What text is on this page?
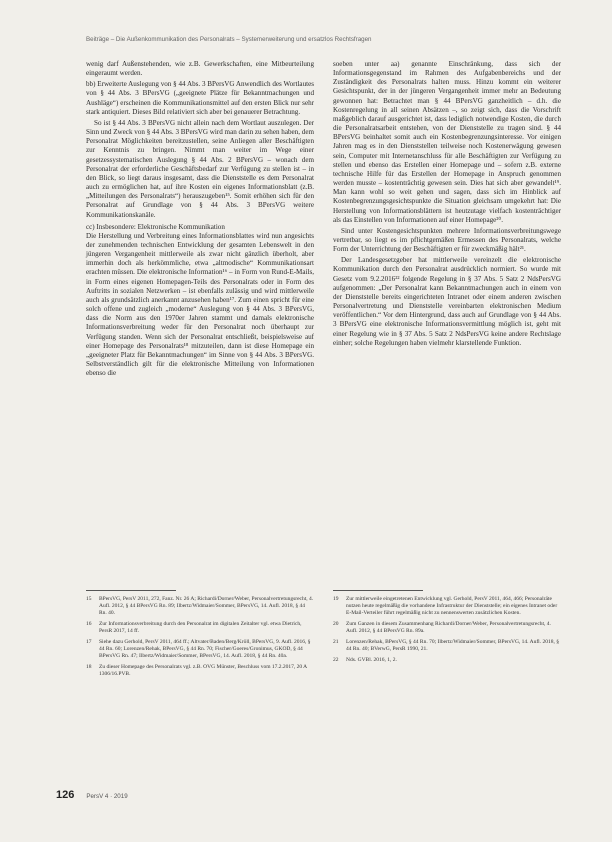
Beiträge – Die Außenkommunikation des Personalrats – Systemerweiterung und ersatzlos Rechtsfragen

wenig darf Außenstehenden, wie z.B. Gewerkschaften, eine Mitbeurteilung eingeraumt werden.

bb) Erweiterte Auslegung von § 44 Abs. 3 BPersVG Anwendlich des Wortlautes von § 44 Abs. 3 BPersVG („geeignete Plätze für Bekanntmachungen und Aushläge“) erscheinen die Kommunikationsmittel auf den ersten Blick nur sehr stark antiquiert. Dieses Bild relativiert sich aber bei genauerer Betrachtung.

So ist § 44 Abs. 3 BPersVG nicht allein nach dem Wortlaut auszulegen. Der Sinn und Zweck von § 44 Abs. 3 BPersVG wird man darin zu sehen haben, dem Personalrat Möglichkeiten bereitzustellen, seine Anliegen aller Beschäftigten zur Kenntnis zu bringen. Nimmt man weiter im Wege einer gesetzessystematischen Auslegung § 44 Abs. 2 BPersVG – wonach dem Personalrat der erforderliche Geschäftsbedarf zur Verfügung zu stellen ist – in den Blick, so liegt daraus insgesamt, dass die Dienststelle es dem Personalrat auch zu ermöglichen hat, auf ihre Kosten ein eigenes Informationsblatt (z.B. „Mitteilungen des Personalrats“) herauszugeben¹⁵. Somit erhöhen sich für den Personalrat auf Grundlage von § 44 Abs. 3 BPersVG weitere Kommunikationskanäle.

cc) Insbesondere: Elektronische Kommunikation

Die Herstellung und Verbreitung eines Informationsblattes wird nun angesichts der zunehmenden technischen Entwicklung der gesamten Lebenswelt in den jüngeren Vergangenheit mittlerweile als zwar nicht gänzlich überholt, aber immerhin doch als herkömmliche, etwa „altmodische“ Kommunikationsart erachten müssen. Die elektronische Information¹⁶ – in Form von Rund-E-Mails, in Form eines eigenen Homepagen-Teils des Personalrats oder in Form des Auftritts in sozialen Netzwerken – ist ebenfalls zulässig und wird mittlerweile auch als grundsätzlich anerkannt anzusehen haben¹⁷. Zum einen spricht für eine solch offene und zugleich „moderne“ Auslegung von § 44 Abs. 3 BPersVG, dass die Norm aus den 1970er Jahren stammt und damals elektronische Informationsverbreitung weder für den Personalrat noch überhaupt zur Verfügung standen. Wenn sich der Personalrat entschließt, beispielsweise auf einer Homepage des Personalrats¹⁸ mitzuteilen, dann ist diese Homepage ein „geeigneter Platz für Bekanntmachungen“ im Sinne von § 44 Abs. 3 BPersVG. Selbstverständlich gilt für die elektronische Mitteilung von Informationen ebenso die

soeben unter aa) genannte Einschränkung, dass sich der Informationsgegenstand im Rahmen des Aufgabenbereichs und der Zuständigkeit des Personalrats halten muss. Hinzu kommt ein weiterer Gesichtspunkt, der in der jüngeren Vergangenheit immer mehr an Bedeutung gewonnen hat: Betrachtet man § 44 BPersVG ganzheitlich – d.h. die Kostenregelung in all seinen Absätzen –, so zeigt sich, dass die Vorschrift maßgeblich darauf ausgerichtet ist, dass lediglich notwendige Kosten, die durch die Personalratsarbeit entstehen, von der Dienststelle zu tragen sind. § 44 BPersVG beinhaltet somit auch ein Kostenbegrenzungsinteresse. Vor einigen Jahren mag es in den Dienststellen teilweise noch Kostenerwägung gewesen sein, Computer mit Internetanschluss für alle Beschäftigten zur Verfügung zu stellen und ebenso das Erstellen einer Homepage und – sofern z.B. externe technische Hilfe für das Erstellen der Homepage in Anspruch genommen werden musste – kostenträchtig gewesen sein. Dies hat sich aber gewandelt¹⁹. Man kann wohl so weit gehen und sagen, dass sich im Hinblick auf Kostenbegrenzungsgesichtspunkte die Situation gleichsam umgekehrt hat: Die Herstellung von Informationsblättern ist heutzutage vielfach kostenträchtiger als das Einstellen von Informationen auf einer Homepage²⁰.

Sind unter Kostengesichtspunkten mehrere Informationsverbreitungswege vertretbar, so liegt es im pflichtgemäßen Ermessen des Personalrats, welche Form der Unterrichtung der Beschäftigten er für zweckmäßig hält²¹.

Der Landesgesetzgeber hat mittlerweile vereinzelt die elektronische Kommunikation durch den Personalrat ausdrücklich normiert. So wurde mit Gesetz vom 9.2.2016²² folgende Regelung in § 37 Abs. 5 Satz 2 NdsPersVG aufgenommen: „Der Personalrat kann Bekanntmachungen auch in einem von der Dienststelle bereits eingerichteten Intranet oder einem anderen zwischen Personalvertretung und Dienststelle vereinbarten elektronischen Medium veröffentlichen.“ Vor dem Hintergrund, dass auch auf Grundlage von § 44 Abs. 3 BPersVG eine elektronische Informationsvermittlung möglich ist, geht mit einer Regelung wie in § 37 Abs. 5 Satz 2 NdsPersVG keine andere Rechtslage einher; solche Regelungen haben vielmehr klarstellende Funktion.

15	BPersVG, PersV 2011, 272, Fanz. Nr. 26 A; Richardi/Dorner/Weber, Personalvertretungsrecht, 4. Aufl. 2012, § 44 BPersVG Rn. 89; Ilbertz/Widmaier/Sommer, BPersVG, 14. Aufl. 2018, § 44 Rn. 40.
16	Zur Informationsverbreitung durch den Personalrat im digitalen Zeitalter vgl. etwa Dietrich, PersR 2017, 14 ff.
17	Siehe dazu Gerhold, PersV 2011, 464 ff.; Altvater/Baden/Berg/Kröll, BPersVG, 9. Aufl. 2016, § 44 Rn. 60; Lorenzen/Rehak, BPersVG, § 44 Rn. 70; Fischer/Goeres/Gronimus, GKOD, § 44 BPersVG Rn. 47; Ilbertz/Widmaier/Sommer, BPersVG, 14. Aufl. 2018, § 44 Rn. 40a.
18	Zu dieser Homepage des Personalrats vgl. z.B. OVG Münster, Beschluss vom 17.2.2017, 20 A 1306/16.PVB.
19	Zur mittlerweile eingetretenen Entwicklung vgl. Gerhold, PersV 2011, 464, 466; Personalräte nutzen heute regelmäßig die vorhandene Infrastruktur der Dienststelle; ein eigenes Intranet oder E-Mail-Verteiler führt regelmäßig nicht zu nennenswerten zusätzlichen Kosten.
20	Zum Ganzen in diesem Zusammenhang Richardi/Dorner/Weber, Personalvertretungsrecht, 4. Aufl. 2012, § 44 BPersVG Rn. 89a.
21	Lorenzen/Rehak, BPersVG, § 44 Rn. 70; Ilbertz/Widmaier/Sommer, BPersVG, 14. Aufl. 2018, § 44 Rn. 40; BVerwG, PersR 1990, 21.
22	Nds. GVBl. 2016, 1, 2.
126 PersV 4 · 2019
